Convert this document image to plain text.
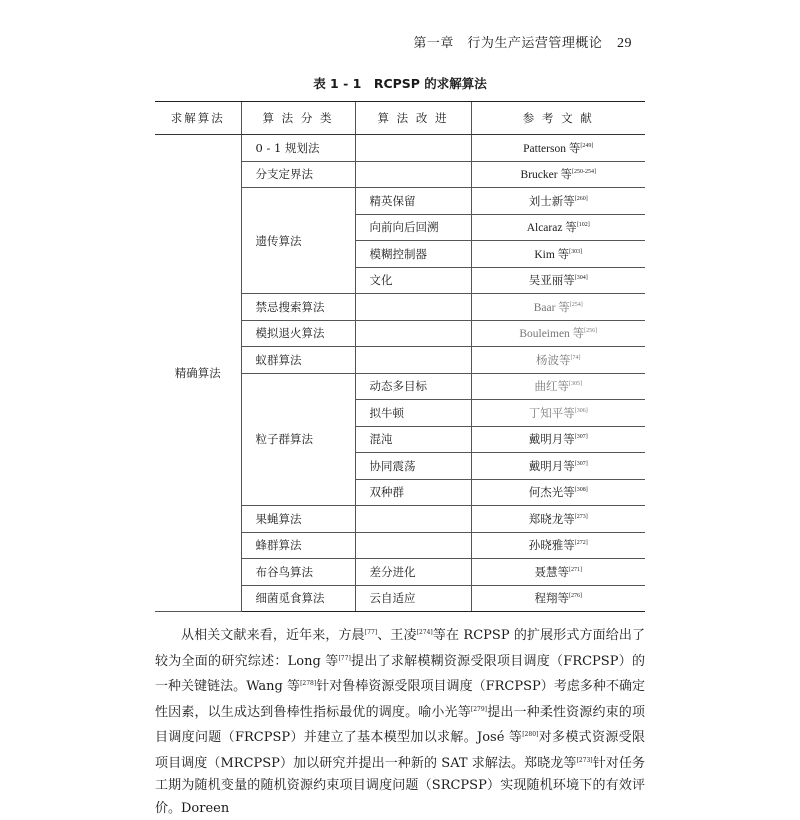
第一章　行为生产运营管理概论 29
表 1 - 1　RCPSP 的求解算法
求解算法	算 法 分 类	算 法 改 进	参 考 文 献
精确算法	0 - 1 规划法		Patterson 等[249]
	分支定界法		Brucker 等[250-254]
	遗传算法	精英保留	刘士新等[260]
		向前向后回溯	Alcaraz 等[102]
		模糊控制器	Kim 等[303]
		文化	吴亚丽等[304]
	禁忌搜索算法		Baar 等[254]
	模拟退火算法		Bouleimen 等[256]
	蚁群算法		杨波等[74]
	粒子群算法	动态多目标	曲红等[305]
		拟牛顿	丁知平等[306]
		混沌	戴明月等[307]
		协同震荡	戴明月等[307]
		双种群	何杰光等[308]
	果蝇算法		郑晓龙等[273]
	蜂群算法		孙晓雅等[272]
	布谷鸟算法	差分进化	聂慧等[271]
	细菌觅食算法	云自适应	程翔等[276]

从相关文献来看，近年来，方晨[77]、王凌[274]等在 RCPSP 的扩展形式方面给出了较为全面的研究综述：Long 等[77]提出了求解模糊资源受限项目调度（FRCPSP）的一种关键链法。Wang 等[278]针对鲁棒资源受限项目调度（FRCPSP）考虑多种不确定性因素，以生成达到鲁棒性指标最优的调度。喻小光等[279]提出一种柔性资源约束的项目调度问题（FRCPSP）并建立了基本模型加以求解。José 等[280]对多模式资源受限项目调度（MRCPSP）加以研究并提出一种新的 SAT 求解法。郑晓龙等[273]针对任务工期为随机变量的随机资源约束项目调度问题（SRCPSP）实现随机环境下的有效评价。Doreen
